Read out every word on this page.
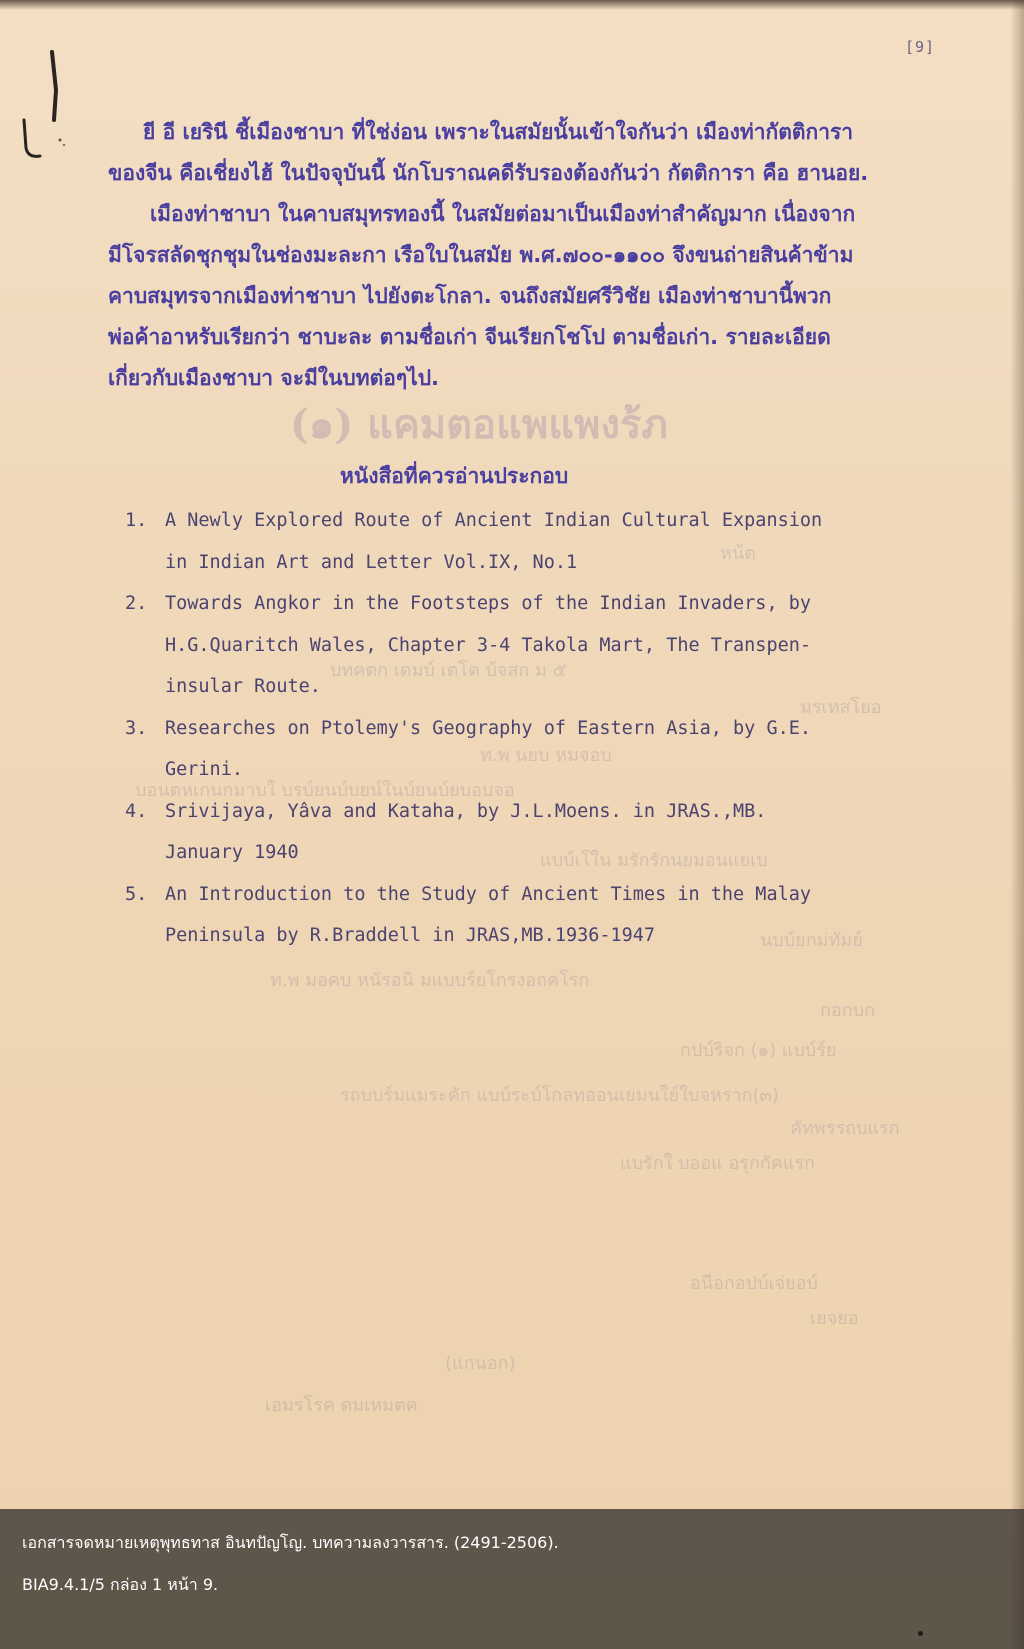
[9]
(๑) แคมตอแพแพงร้ภ
หน้ต
บทคตก เดมบ์ เตโต บ้จสก ม ๕
มรเทสโยอ
ท.พ นยบ หมจอบ
บอนตหเกนกมาบใ บรบ์ยนบ์บยน์ในบ์ยนบ์ยบอบจอ
แบบ์เโใน มรักรักนยมอนแยเบ
นบบ์ยกม่ทัมย์
ท.พ มอคบ หนัรอนิ มแบบร์ยโกรงอถคโรก
กอกบก
กปบ์ริจก (๑) แบบ์ร์ย
รถบบร์มแมระคัก แบบ์ระบ์โกลทออนเยมนใย์ใบจหราก(๓)
คัทพรรถบแรก
แบรักใ บออแ อรุกกัคแรก
อนีอกอปบ์เจ่ยอบ์
เยจยอ
(แกนอก)
เอมรโรค ดมเหมตค
ยี อี เยรินี ชี้เมืองชาบา ที่ใช่ง่อน เพราะในสมัยนั้นเข้าใจกันว่า เมืองท่ากัตติการา
ของจีน คือเชี่ยงไฮ้ ในปัจจุบันนี้ นักโบราณคดีรับรองต้องกันว่า กัตติการา คือ ฮานอย.
เมืองท่าชาบา ในคาบสมุทรทองนี้ ในสมัยต่อมาเป็นเมืองท่าสำคัญมาก เนื่องจาก
มีโจรสลัดชุกชุมในช่องมะละกา เรือใบในสมัย พ.ศ.๗๐๐-๑๑๐๐ จึงขนถ่ายสินค้าข้าม
คาบสมุทรจากเมืองท่าชาบา ไปยังตะโกลา. จนถึงสมัยศรีวิชัย เมืองท่าชาบานี้พวก
พ่อค้าอาหรับเรียกว่า ชาบะละ ตามชื่อเก่า จีนเรียกโชโป ตามชื่อเก่า. รายละเอียด
เกี่ยวกับเมืองชาบา จะมีในบทต่อๆไป.
หนังสือที่ควรอ่านประกอบ
1. A Newly Explored Route of Ancient Indian Cultural Expansion
in Indian Art and Letter Vol.IX, No.1
2. Towards Angkor in the Footsteps of the Indian Invaders, by
H.G.Quaritch Wales, Chapter 3-4 Takola Mart, The Transpen-
insular Route.
3. Researches on Ptolemy's Geography of Eastern Asia, by G.E.
Gerini.
4. Srivijaya, Yâva and Kataha, by J.L.Moens. in JRAS.,MB.
January 1940
5. An Introduction to the Study of Ancient Times in the Malay
Peninsula by R.Braddell in JRAS,MB.1936-1947
เอกสารจดหมายเหตุพุทธทาส อินทปัญโญ. บทความลงวารสาร. (2491-2506).
BIA9.4.1/5 กล่อง 1 หน้า 9.
